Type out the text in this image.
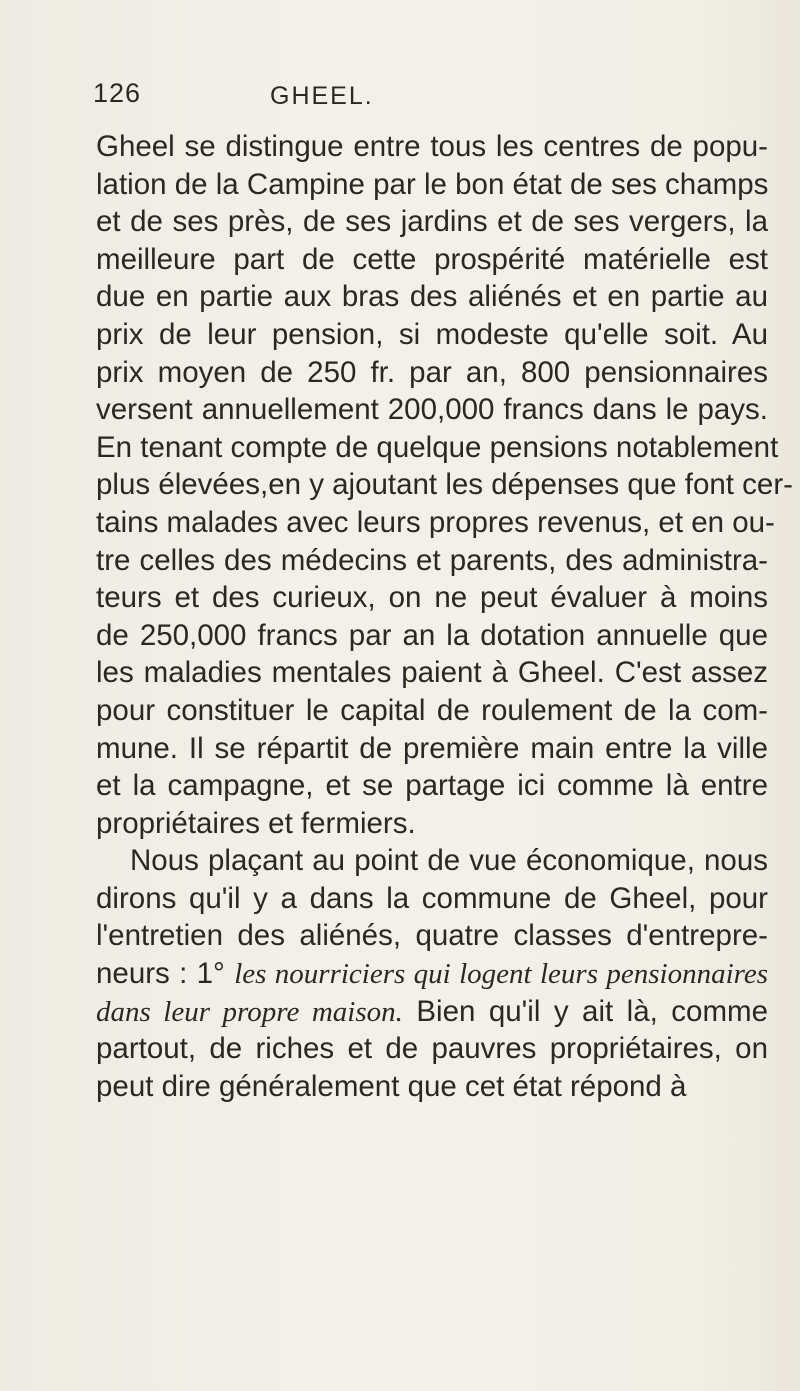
126	GHEEL.
Gheel se distingue entre tous les centres de popu-
lation de la Campine par le bon état de ses champs
et de ses près, de ses jardins et de ses vergers, la
meilleure part de cette prospérité matérielle est
due en partie aux bras des aliénés et en partie au
prix de leur pension, si modeste qu'elle soit. Au
prix moyen de 250 fr. par an, 800 pensionnaires
versent annuellement 200,000 francs dans le pays.
En tenant compte de quelque pensions notablement
plus élevées,en y ajoutant les dépenses que font cer-
tains malades avec leurs propres revenus, et en ou-
tre celles des médecins et parents, des administra-
teurs et des curieux, on ne peut évaluer à moins
de 250,000 francs par an la dotation annuelle que
les maladies mentales paient à Gheel. C'est assez
pour constituer le capital de roulement de la com-
mune. Il se répartit de première main entre la ville
et la campagne, et se partage ici comme là entre
propriétaires et fermiers.
Nous plaçant au point de vue économique, nous
dirons qu'il y a dans la commune de Gheel, pour
l'entretien des aliénés, quatre classes d'entrepre-
neurs : 1° les nourriciers qui logent leurs pensionnaires
dans leur propre maison. Bien qu'il y ait là, comme
partout, de riches et de pauvres propriétaires, on
peut dire généralement que cet état répond à
